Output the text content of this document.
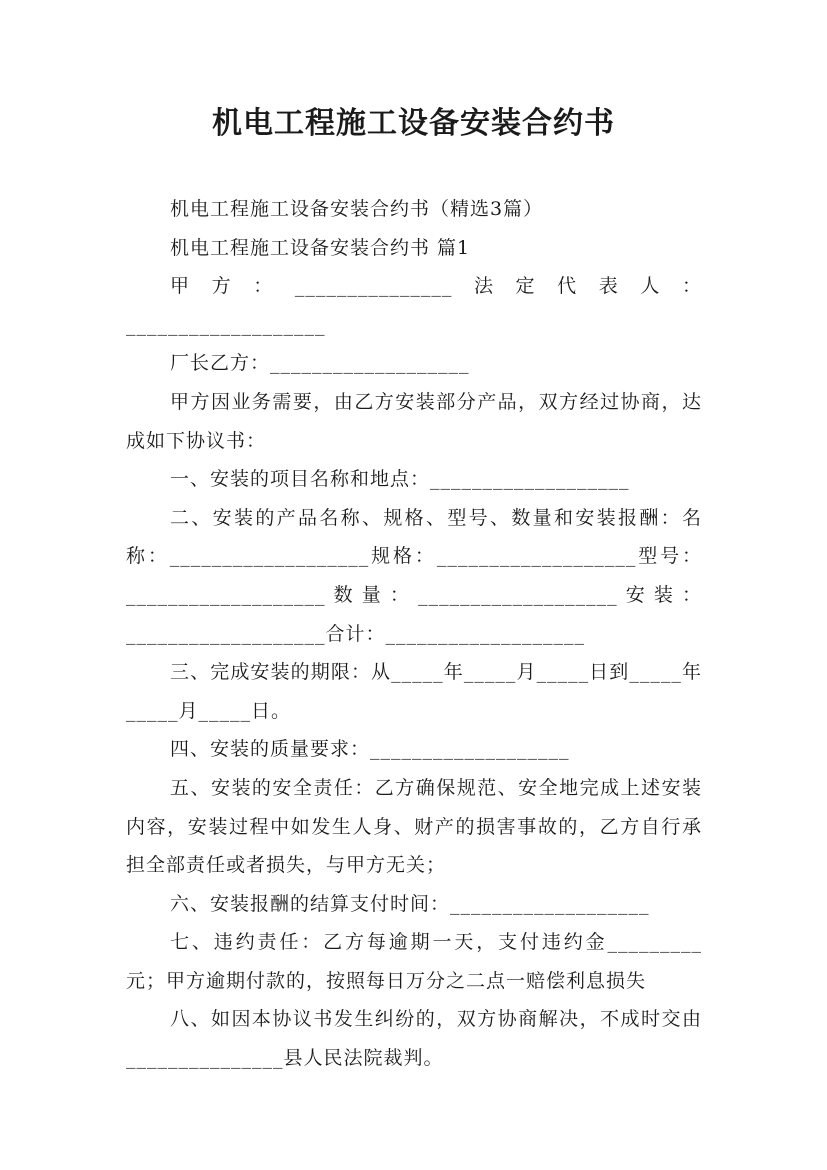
机电工程施工设备安装合约书

机电工程施工设备安装合约书（精选3篇）

机电工程施工设备安装合约书 篇1

甲方：_______________法定代表人：___________________

厂长乙方：___________________

甲方因业务需要，由乙方安装部分产品，双方经过协商，达成如下协议书：

一、安装的项目名称和地点：___________________

二、安装的产品名称、规格、型号、数量和安装报酬：名称：___________________规格：___________________型号：___________________数量：___________________安装：___________________合计：___________________

三、完成安装的期限：从_____年_____月_____日到_____年_____月_____日。

四、安装的质量要求：___________________

五、安装的安全责任：乙方确保规范、安全地完成上述安装内容，安装过程中如发生人身、财产的损害事故的，乙方自行承担全部责任或者损失，与甲方无关；

六、安装报酬的结算支付时间：___________________

七、违约责任：乙方每逾期一天，支付违约金_________元；甲方逾期付款的，按照每日万分之二点一赔偿利息损失

八、如因本协议书发生纠纷的，双方协商解决，不成时交由_______________县人民法院裁判。
